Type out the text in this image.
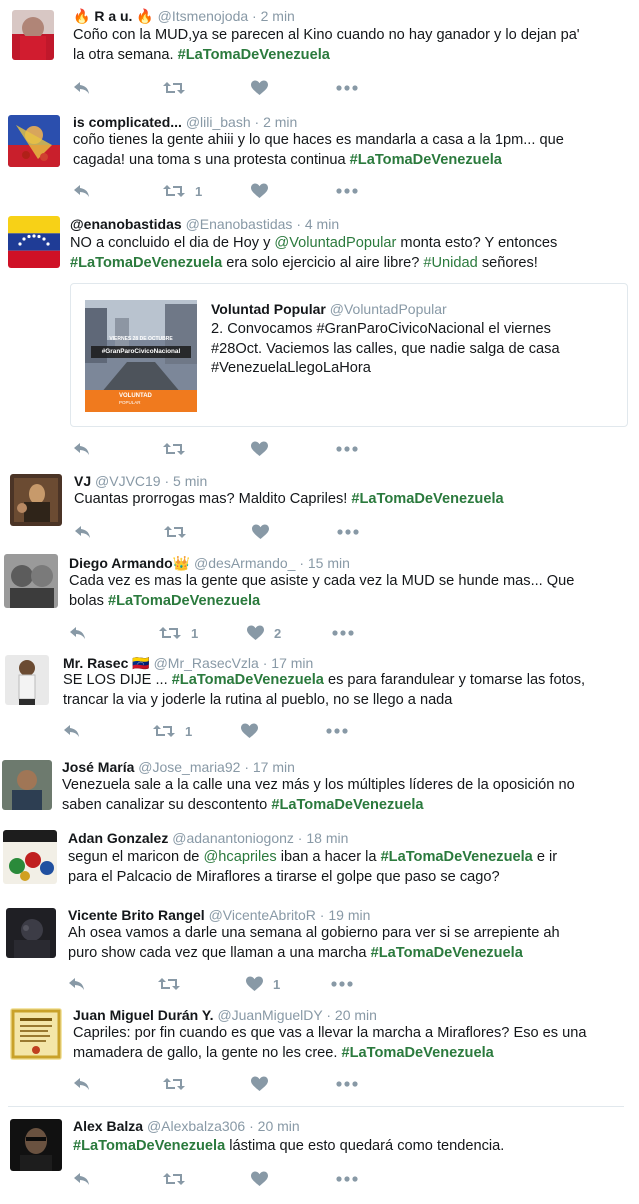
🔥 R a u. 🔥 @Itsmenojoda · 2 min

Coño con la MUD,ya se parecen al Kino cuando no hay ganador y lo dejan pa'

la otra semana. #LaTomaDeVenezuela

is complicated... @lili_bash · 2 min

coño tienes la gente ahiii y lo que haces es mandarla a casa a la 1pm... que

cagada! una toma s una protesta continua #LaTomaDeVenezuela

1
@enanobastidas @Enanobastidas · 4 min

NO a concluido el dia de Hoy y @VoluntadPopular monta esto? Y entonces

#LaTomaDeVenezuela era solo ejercicio al aire libre? #Unidad señores!

VIERNES 28 DE OCTUBRE
#GranParoCivicoNacional
VOLUNTAD
POPULAR
Voluntad Popular @VoluntadPopular

2. Convocamos #GranParoCivicoNacional el viernes

#28Oct. Vaciemos las calles, que nadie salga de casa

#VenezuelaLlegoLaHora

VJ @VJVC19 · 5 min

Cuantas prorrogas mas? Maldito Capriles! #LaTomaDeVenezuela

Diego Armando👑 @desArmando_ · 15 min

Cada vez es mas la gente que asiste y cada vez la MUD se hunde mas... Que

bolas #LaTomaDeVenezuela

1	2
Mr. Rasec 🇻🇪 @Mr_RasecVzla · 17 min

SE LOS DIJE ... #LaTomaDeVenezuela es para farandulear y tomarse las fotos,

trancar la via y joderle la rutina al pueblo, no se llego a nada

1
José María @Jose_maria92 · 17 min

Venezuela sale a la calle una vez más y los múltiples líderes de la oposición no

saben canalizar su descontento #LaTomaDeVenezuela

Adan Gonzalez @adanantoniogonz · 18 min

segun el maricon de @hcapriles iban a hacer la #LaTomaDeVenezuela e ir

para el Palcacio de Miraflores a tirarse el golpe que paso se cago?

Vicente Brito Rangel @VicenteAbritoR · 19 min

Ah osea vamos a darle una semana al gobierno para ver si se arrepiente ah

puro show cada vez que llaman a una marcha #LaTomaDeVenezuela

1
Juan Miguel Durán Y. @JuanMiguelDY · 20 min

Capriles: por fin cuando es que vas a llevar la marcha a Miraflores? Eso es una

mamadera de gallo, la gente no les cree. #LaTomaDeVenezuela

Alex Balza @Alexbalza306 · 20 min

#LaTomaDeVenezuela lástima que esto quedará como tendencia.
